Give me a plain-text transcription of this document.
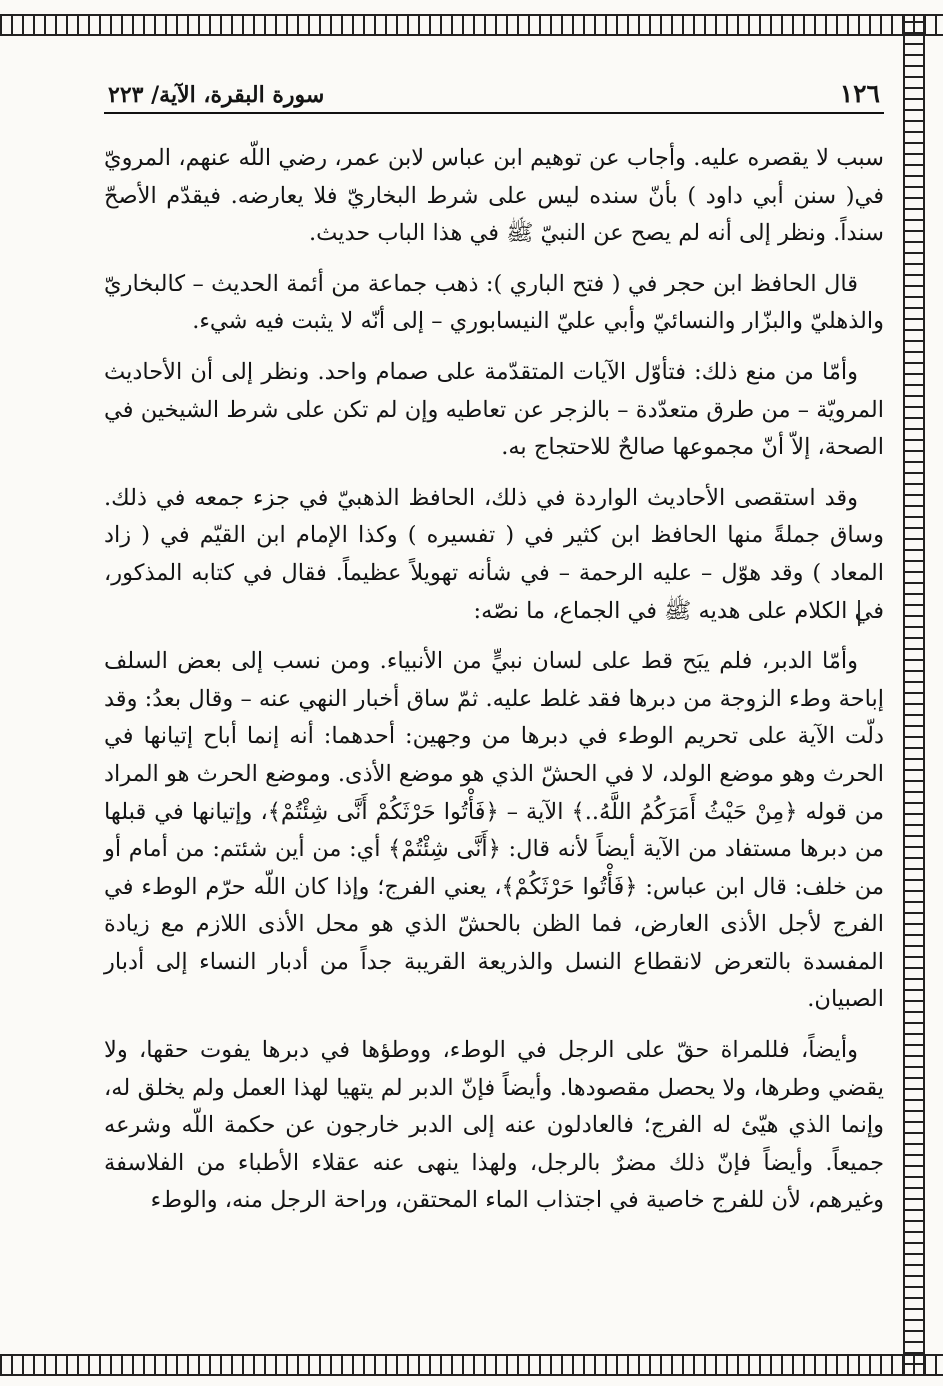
١٢٦
سورة البقرة، الآية/ ٢٢٣

سبب لا يقصره عليه. وأجاب عن توهيم ابن عباس لابن عمر، رضي اللّه عنهم، المرويّ في( سنن أبي داود ) بأنّ سنده ليس على شرط البخاريّ فلا يعارضه. فيقدّم الأصحّ سنداً. ونظر إلى أنه لم يصح عن النبيّ ﷺ في هذا الباب حديث.

قال الحافظ ابن حجر في ( فتح الباري ): ذهب جماعة من أئمة الحديث – كالبخاريّ والذهليّ والبزّار والنسائيّ وأبي عليّ النيسابوري – إلى أنّه لا يثبت فيه شيء.

وأمّا من منع ذلك: فتأوّل الآيات المتقدّمة على صمام واحد. ونظر إلى أن الأحاديث المرويّة – من طرق متعدّدة – بالزجر عن تعاطيه وإن لم تكن على شرط الشيخين في الصحة، إلاّ أنّ مجموعها صالحٌ للاحتجاج به.

وقد استقصى الأحاديث الواردة في ذلك، الحافظ الذهبيّ في جزء جمعه في ذلك. وساق جملةً منها الحافظ ابن كثير في ( تفسيره ) وكذا الإمام ابن القيّم في ( زاد المعاد ) وقد هوّل – عليه الرحمة – في شأنه تهويلاً عظيماً. فقال في كتابه المذكور، في الكلام على هديه ﷺ في الجماع، ما نصّه:

وأمّا الدبر، فلم يبَح قط على لسان نبيٍّ من الأنبياء. ومن نسب إلى بعض السلف إباحة وطء الزوجة من دبرها فقد غلط عليه. ثمّ ساق أخبار النهي عنه – وقال بعدُ: وقد دلّت الآية على تحريم الوطء في دبرها من وجهين: أحدهما: أنه إنما أباح إتيانها في الحرث وهو موضع الولد، لا في الحشّ الذي هو موضع الأذى. وموضع الحرث هو المراد من قوله ﴿مِنْ حَيْثُ أَمَرَكُمُ اللَّهُ..﴾ الآية – ﴿فَأْتُوا حَرْثَكُمْ أَنَّى شِئْتُمْ﴾، وإتيانها في قبلها من دبرها مستفاد من الآية أيضاً لأنه قال: ﴿أَنَّى شِئْتُمْ﴾ أي: من أين شئتم: من أمام أو من خلف: قال ابن عباس: ﴿فَأْتُوا حَرْثَكُمْ﴾، يعني الفرج؛ وإذا كان اللّه حرّم الوطء في الفرج لأجل الأذى العارض، فما الظن بالحشّ الذي هو محل الأذى اللازم مع زيادة المفسدة بالتعرض لانقطاع النسل والذريعة القريبة جداً من أدبار النساء إلى أدبار الصبيان.

وأيضاً، فللمراة حقّ على الرجل في الوطء، ووطؤها في دبرها يفوت حقها، ولا يقضي وطرها، ولا يحصل مقصودها. وأيضاً فإنّ الدبر لم يتهيا لهذا العمل ولم يخلق له، وإنما الذي هيّئ له الفرج؛ فالعادلون عنه إلى الدبر خارجون عن حكمة اللّه وشرعه جميعاً. وأيضاً فإنّ ذلك مضرٌ بالرجل، ولهذا ينهى عنه عقلاء الأطباء من الفلاسفة وغيرهم، لأن للفرج خاصية في اجتذاب الماء المحتقن، وراحة الرجل منه، والوطء
